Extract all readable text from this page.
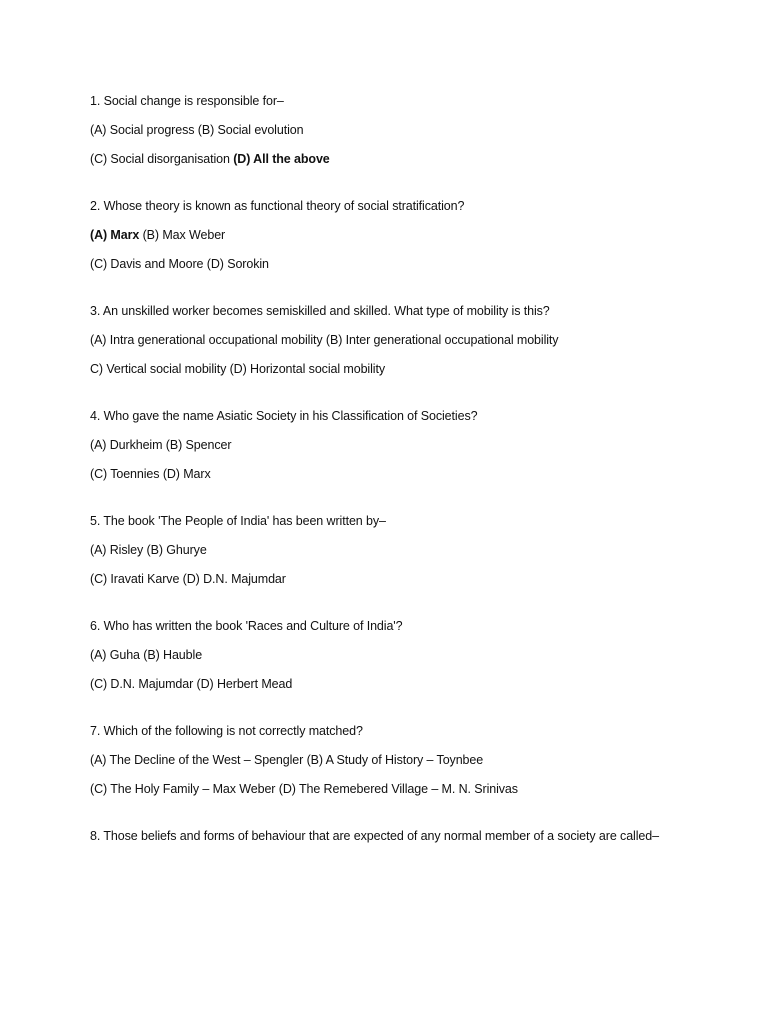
1. Social change is responsible for–
(A) Social progress (B) Social evolution
(C) Social disorganisation (D) All the above
2. Whose theory is known as functional theory of social stratification?
(A) Marx (B) Max Weber
(C) Davis and Moore (D) Sorokin
3. An unskilled worker becomes semiskilled and skilled. What type of mobility is this?
(A) Intra generational occupational mobility (B) Inter generational occupational mobility
C) Vertical social mobility (D) Horizontal social mobility
4. Who gave the name Asiatic Society in his Classification of Societies?
(A) Durkheim (B) Spencer
(C) Toennies (D) Marx
5. The book 'The People of India' has been written by–
(A) Risley (B) Ghurye
(C) Iravati Karve (D) D.N. Majumdar
6. Who has written the book 'Races and Culture of India'?
(A) Guha (B) Hauble
(C) D.N. Majumdar (D) Herbert Mead
7. Which of the following is not correctly matched?
(A) The Decline of the West – Spengler (B) A Study of History – Toynbee
(C) The Holy Family – Max Weber (D) The Remebered Village – M. N. Srinivas
8. Those beliefs and forms of behaviour that are expected of any normal member of a society are called–
